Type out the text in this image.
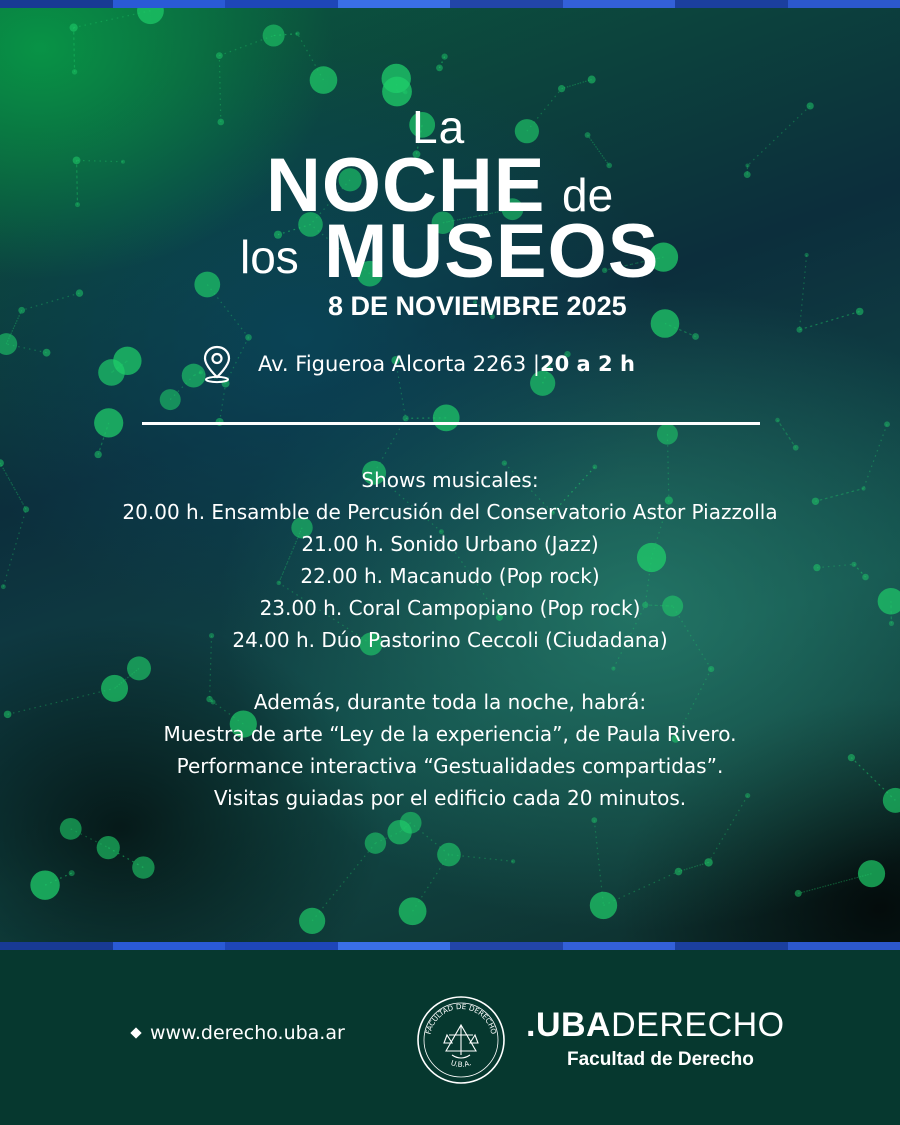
La
NOCHE de
los MUSEOS
8 DE NOVIEMBRE 2025
Av. Figueroa Alcorta 2263 | 20 a 2 h
Shows musicales:
20.00 h. Ensamble de Percusión del Conservatorio Astor Piazzolla
21.00 h. Sonido Urbano (Jazz)
22.00 h. Macanudo (Pop rock)
23.00 h. Coral Campopiano (Pop rock)
24.00 h. Dúo Pastorino Ceccoli (Ciudadana)
Además, durante toda la noche, habrá:
Muestra de arte “Ley de la experiencia”, de Paula Rivero.
Performance interactiva “Gestualidades compartidas”.
Visitas guiadas por el edificio cada 20 minutos.
www.derecho.uba.ar	FACULTAD DE DERECHO
U.B.A.
.UBADERECHO
Facultad de Derecho
